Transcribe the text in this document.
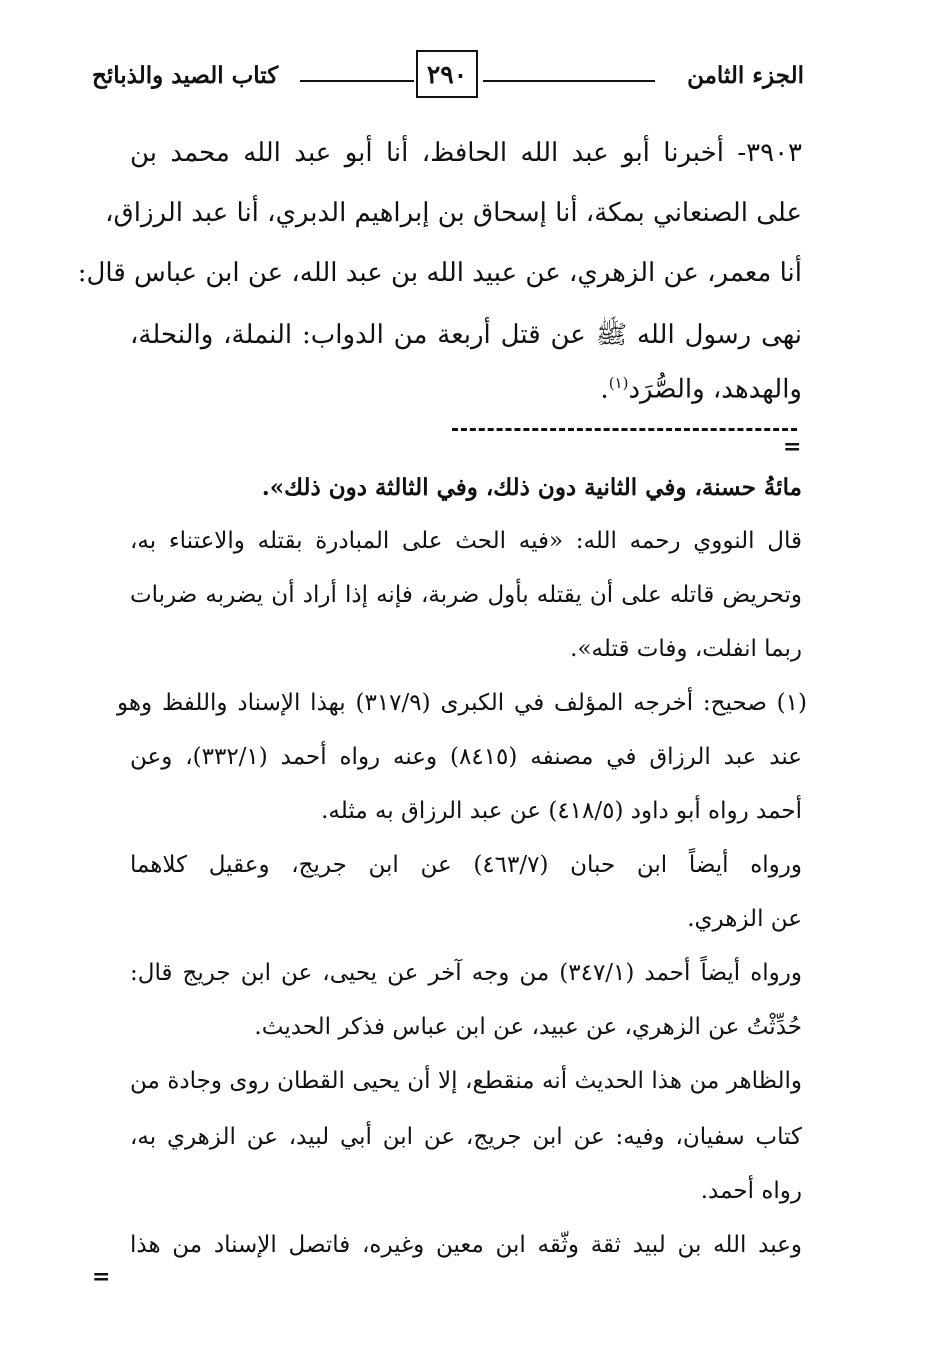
كتاب الصيد والذبائح	٢٩٠	الجزء الثامن
٣٩٠٣- أخبرنا أبو عبد الله الحافظ، أنا أبو عبد الله محمد بن
على الصنعاني بمكة، أنا إسحاق بن إبراهيم الدبري، أنا عبد الرزاق،
أنا معمر، عن الزهري، عن عبيد الله بن عبد الله، عن ابن عباس قال:
نهى رسول الله ﷺ عن قتل أربعة من الدواب: النملة، والنحلة،
والهدهد، والصُّرَد$^{(١)}$.
=
مائةُ حسنة، وفي الثانية دون ذلك، وفي الثالثة دون ذلك».
قال النووي رحمه الله: «فيه الحث على المبادرة بقتله والاعتناء به،
وتحريض قاتله على أن يقتله بأول ضربة، فإنه إذا أراد أن يضربه ضربات
ربما انفلت، وفات قتله».
(١) صحيح: أخرجه المؤلف في الكبرى (٣١٧/٩) بهذا الإسناد واللفظ وهو
عند عبد الرزاق في مصنفه (٨٤١٥) وعنه رواه أحمد (٣٣٢/١)، وعن
أحمد رواه أبو داود (٤١٨/٥) عن عبد الرزاق به مثله.
ورواه أيضاً ابن حبان (٤٦٣/٧) عن ابن جريج، وعقيل كلاهما
عن الزهري.
ورواه أيضاً أحمد (٣٤٧/١) من وجه آخر عن يحيى، عن ابن جريج قال:
حُدِّثْتُ عن الزهري، عن عبيد، عن ابن عباس فذكر الحديث.
والظاهر من هذا الحديث أنه منقطع، إلا أن يحيى القطان روى وجادة من
كتاب سفيان، وفيه: عن ابن جريج، عن ابن أبي لبيد، عن الزهري به،
رواه أحمد.
وعبد الله بن لبيد ثقة وثّقه ابن معين وغيره، فاتصل الإسناد من هذا
=
